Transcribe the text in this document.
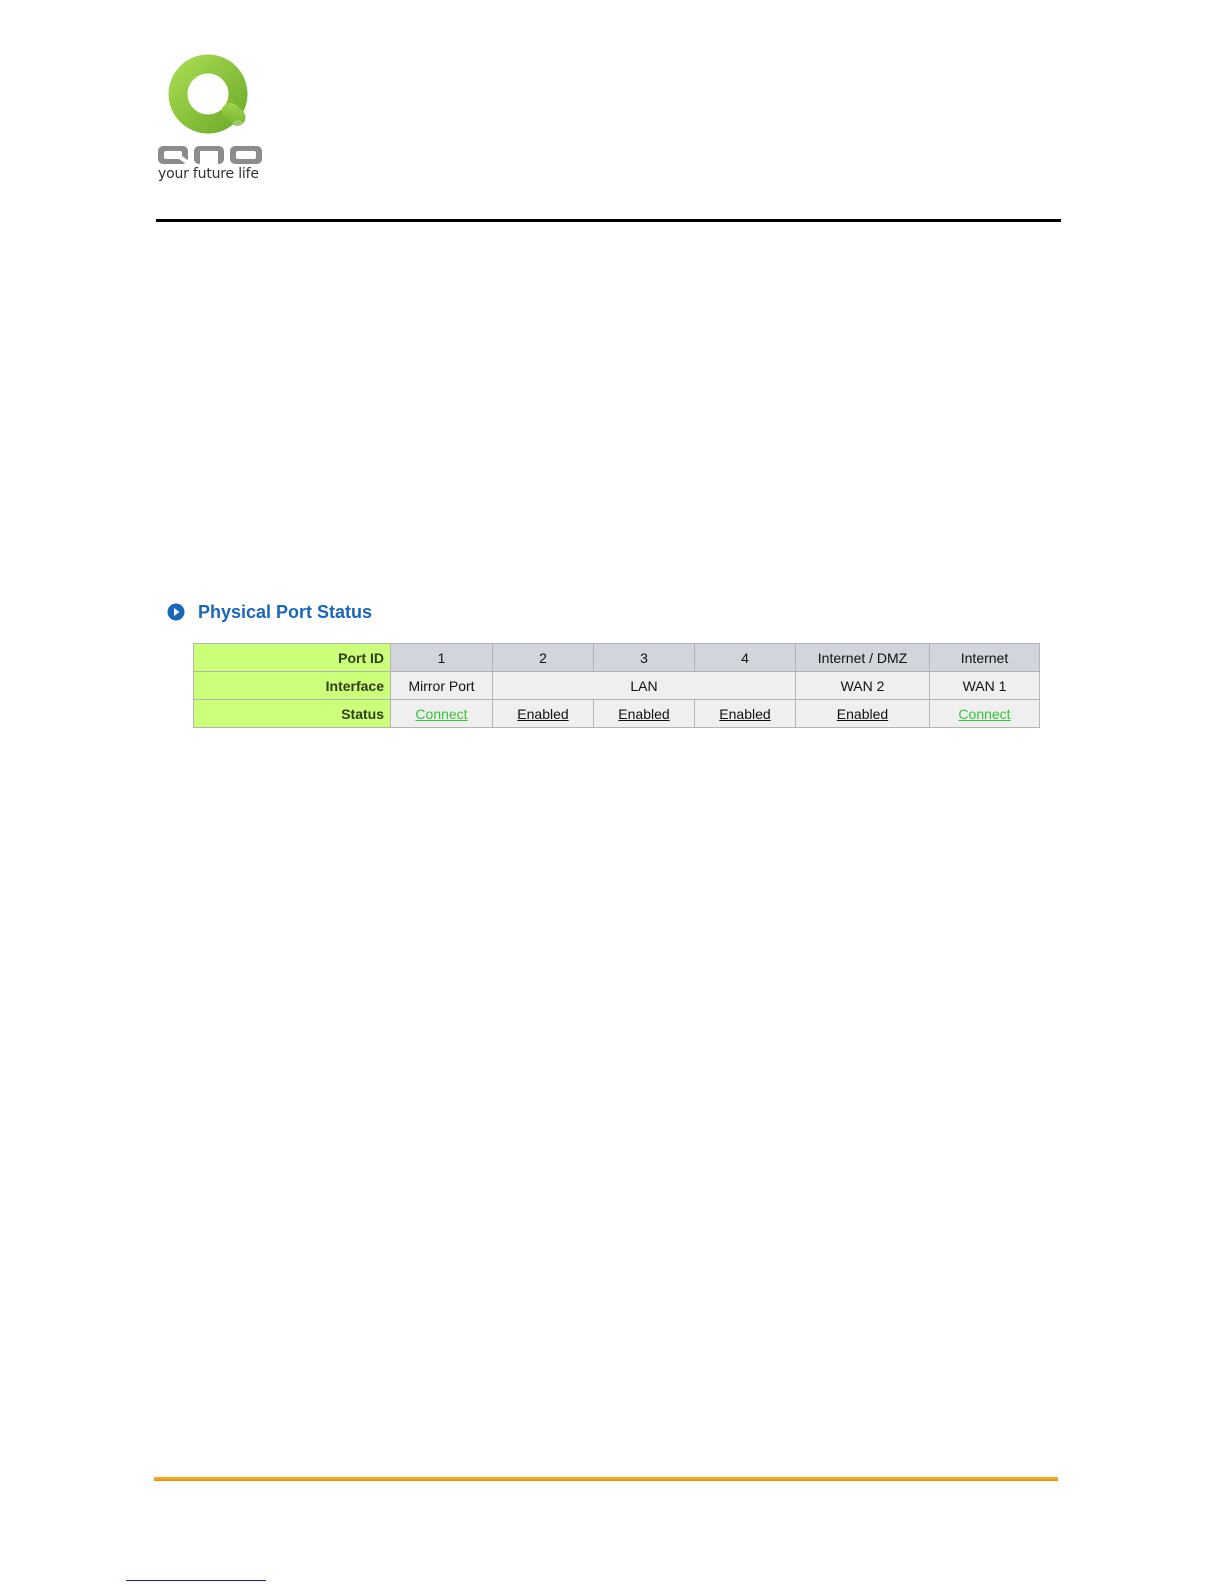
your future life
Physical Port Status
Port ID	1	2	3	4	Internet / DMZ	Internet
Interface	Mirror Port	LAN			WAN 2	WAN 1
Status	Connect	Enabled	Enabled	Enabled	Enabled	Connect
